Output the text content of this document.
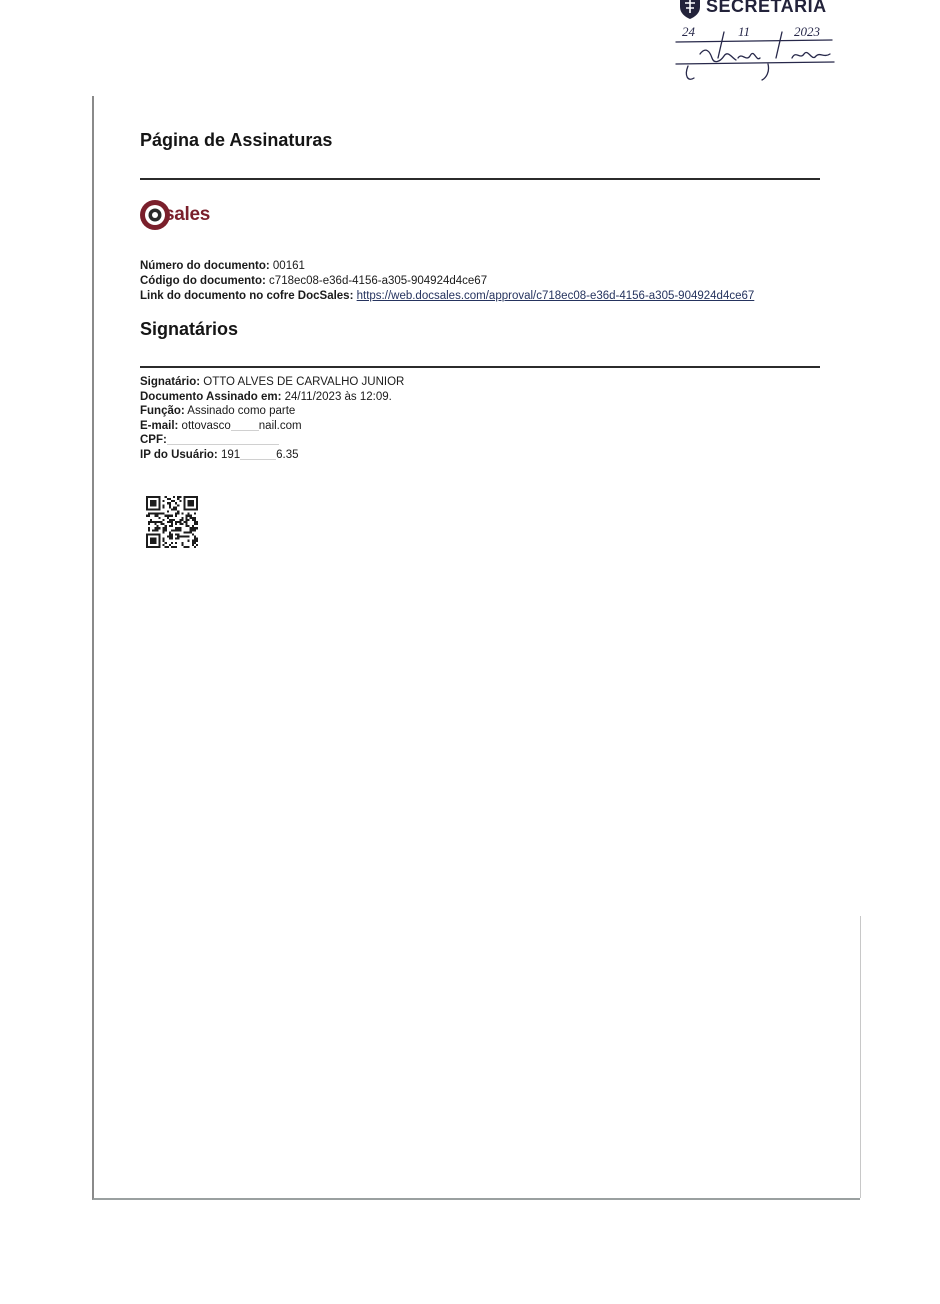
SECRETARIA
24	11	2023
Página de Assinaturas
sales
Número do documento: 00161
Código do documento: c718ec08-e36d-4156-a305-904924d4ce67
Link do documento no cofre DocSales: https://web.docsales.com/approval/c718ec08-e36d-4156-a305-904924d4ce67
Signatários
Signatário: OTTO ALVES DE CARVALHO JUNIOR
Documento Assinado em: 24/11/2023 às 12:09.
Função: Assinado como parte
E-mail: ottovasco nail.com
CPF:
IP do Usuário: 191	6.35
